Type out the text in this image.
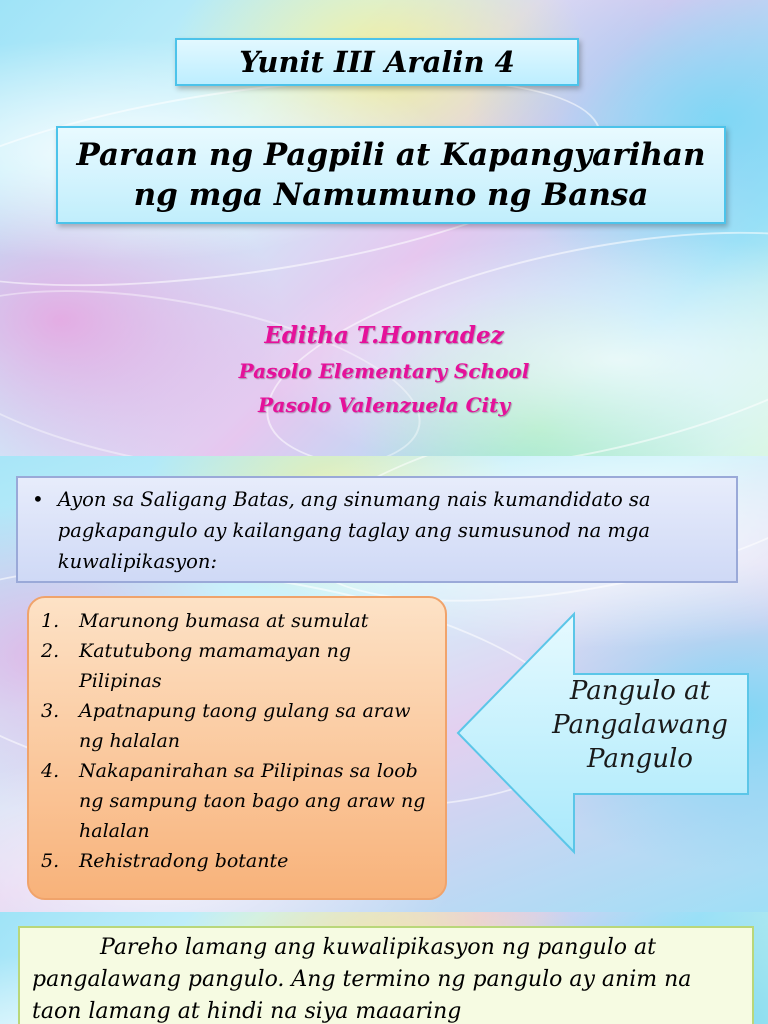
Yunit III Aralin 4
Paraan ng Pagpili at Kapangyarihan
ng mga Namumuno ng Bansa
Editha T.Honradez
Pasolo Elementary School
Pasolo Valenzuela City
• Ayon sa Saligang Batas, ang sinumang nais kumandidato sa pagkapangulo ay kailangang taglay ang sumusunod na mga kuwalipikasyon:
1.	Marunong bumasa at sumulat
2.	Katutubong mamamayan ng Pilipinas
3.	Apatnapung taong gulang sa araw ng halalan
4.	Nakapanirahan sa Pilipinas sa loob ng sampung taon bago ang araw ng halalan
5.	Rehistradong botante
Pangulo at Pangalawang Pangulo
Pareho lamang ang kuwalipikasyon ng pangulo at pangalawang pangulo. Ang termino ng pangulo ay anim na taon lamang at hindi na siya maaaring
